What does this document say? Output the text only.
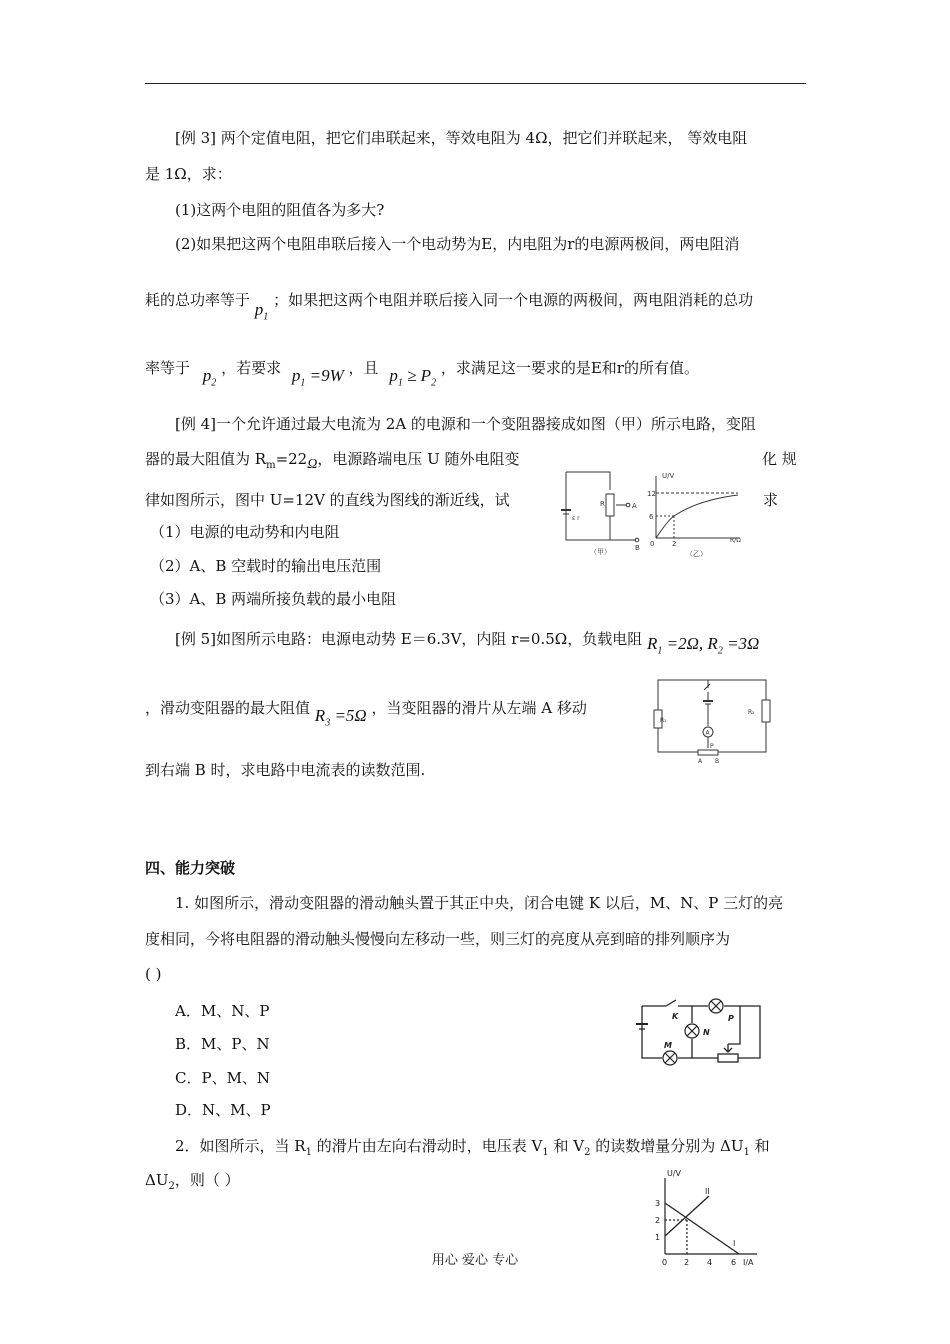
[例 3] 两个定值电阻，把它们串联起来，等效电阻为 4Ω，把它们并联起来， 等效电阻
是 1Ω，求：
(1)这两个电阻的阻值各为多大?
(2)如果把这两个电阻串联后接入一个电动势为E，内电阻为r的电源两极间，两电阻消
耗的总功率等于 $p_1$ ；如果把这两个电阻并联后接入同一个电源的两极间，两电阻消耗的总功
率等于 $p_2$ ，若要求 $p_1 =9W$ ，且 $p_1 \ge P_2$ ，求满足这一要求的是E和r的所有值。
[例 4]一个允许通过最大电流为 2A 的电源和一个变阻器接成如图（甲）所示电路，变阻
器的最大阻值为 $R_m=22\Omega$，电源路端电压 U 随外电阻变	化 规
律如图所示，图中 U=12V 的直线为图线的渐近线，试	求
（1）电源的电动势和内电阻
（2）A、B 空载时的输出电压范围
（3）A、B 两端所接负载的最小电阻
ε r
R	A
B
（甲）
U/V
12
6
0	2	R/Ω
（乙）
[例 5]如图所示电路：电源电动势 E＝6.3V，内阻 r=0.5Ω，负载电阻 $R_1 =2\Omega$, $R_2 =3\Omega$
，滑动变阻器的最大阻值 $R_3 =5\Omega$ ，当变阻器的滑片从左端 A 移动
到右端 B 时，求电路中电流表的读数范围.
R₁
R₂
A
P
A B
四、能力突破
1. 如图所示，滑动变阻器的滑动触头置于其正中央，闭合电键 K 以后，M、N、P 三灯的亮
度相同，今将电阻器的滑动触头慢慢向左移动一些，则三灯的亮度从亮到暗的排列顺序为
( )
A．M、N、P
B．M、P、N
C．P、M、N
D．N、M、P
K	P
N
M
2．如图所示，当 $R_1$ 的滑片由左向右滑动时，电压表 $V_1$ 和 $V_2$ 的读数增量分别为 $\Delta U_1$ 和
$\Delta U_2$，则（ ）	U/V
3
2
1
0 2 4 6 I/A
II
I
用心 爱心 专心
